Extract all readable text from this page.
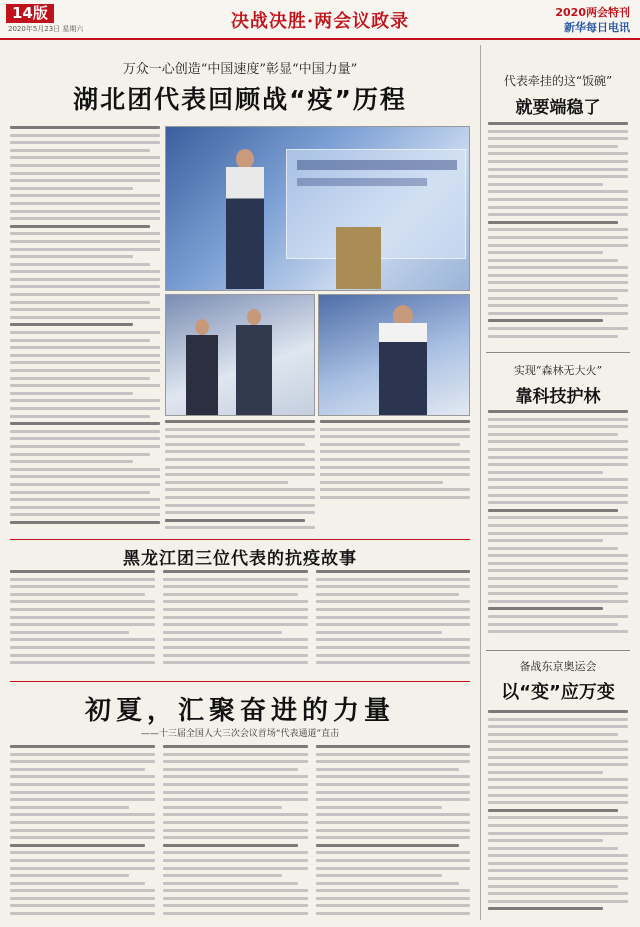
14版
2020年5月23日 星期六	决战决胜·两会议政录	2020两会特刊
新华每日电讯
万众一心创造“中国速度”彰显“中国力量”
湖北团代表回顾战“疫”历程
黑龙江团三位代表的抗疫故事
初夏，汇聚奋进的力量
——十三届全国人大三次会议首场“代表通道”直击
代表牵挂的这“饭碗”
就要端稳了
实现“森林无大火”
靠科技护林
备战东京奥运会
以“变”应万变
